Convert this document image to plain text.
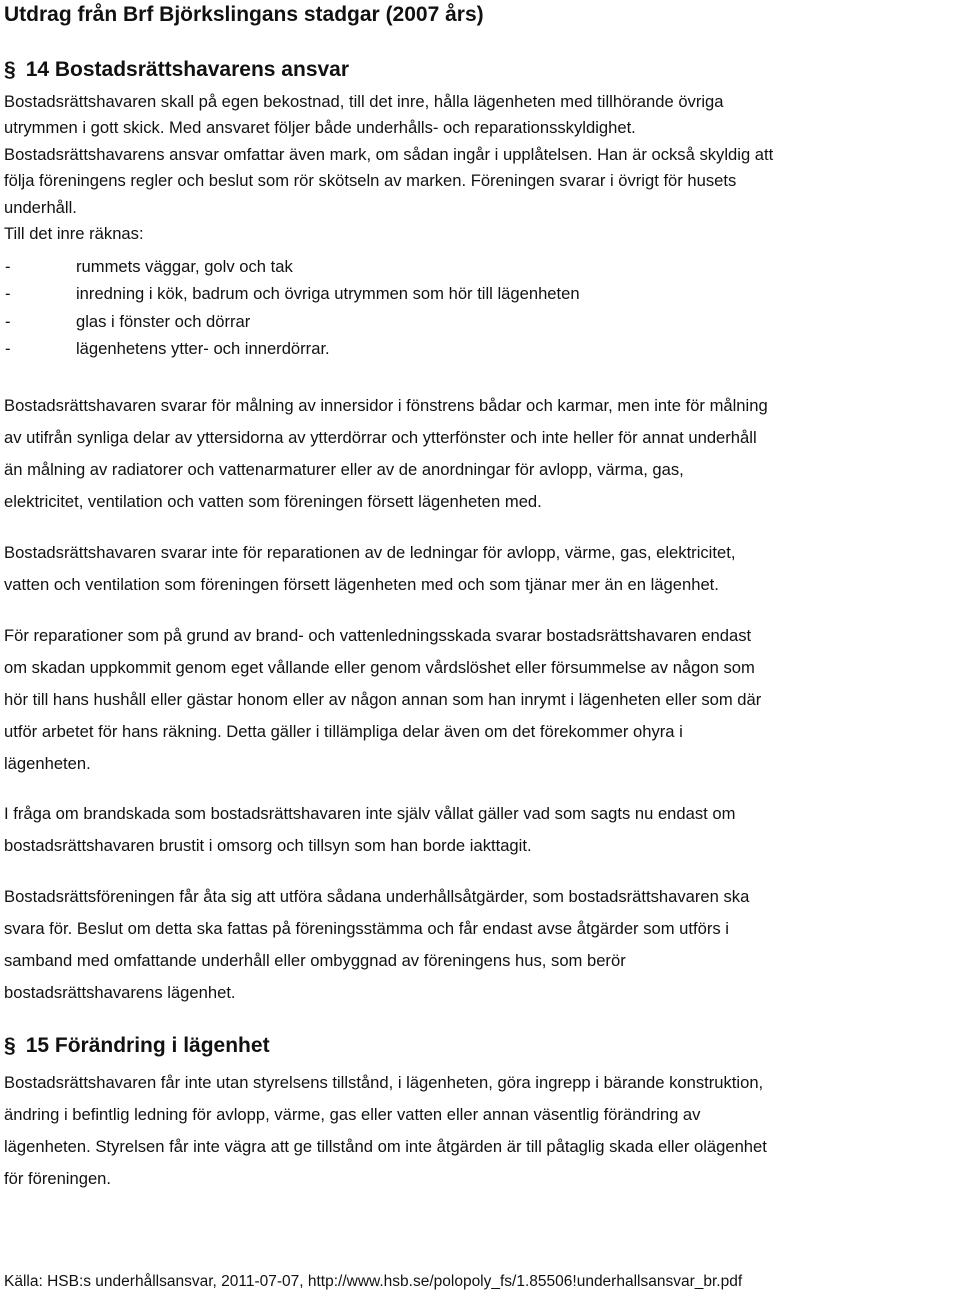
Utdrag från Brf Björkslingans stadgar (2007 års)
§ 14 Bostadsrättshavarens ansvar
Bostadsrättshavaren skall på egen bekostnad, till det inre, hålla lägenheten med tillhörande övriga
utrymmen i gott skick. Med ansvaret följer både underhålls- och reparationsskyldighet.
Bostadsrättshavarens ansvar omfattar även mark, om sådan ingår i upplåtelsen. Han är också skyldig att
följa föreningens regler och beslut som rör skötseln av marken. Föreningen svarar i övrigt för husets
underhåll.
Till det inre räknas:
-	rummets väggar, golv och tak
-	inredning i kök, badrum och övriga utrymmen som hör till lägenheten
-	glas i fönster och dörrar
-	lägenhetens ytter- och innerdörrar.

Bostadsrättshavaren svarar för målning av innersidor i fönstrens bådar och karmar, men inte för målning

av utifrån synliga delar av yttersidorna av ytterdörrar och ytterfönster och inte heller för annat underhåll

än målning av radiatorer och vattenarmaturer eller av de anordningar för avlopp, värma, gas,

elektricitet, ventilation och vatten som föreningen försett lägenheten med.

Bostadsrättshavaren svarar inte för reparationen av de ledningar för avlopp, värme, gas, elektricitet,

vatten och ventilation som föreningen försett lägenheten med och som tjänar mer än en lägenhet.

För reparationer som på grund av brand- och vattenledningsskada svarar bostadsrättshavaren endast

om skadan uppkommit genom eget vållande eller genom vårdslöshet eller försummelse av någon som

hör till hans hushåll eller gästar honom eller av någon annan som han inrymt i lägenheten eller som där

utför arbetet för hans räkning. Detta gäller i tillämpliga delar även om det förekommer ohyra i

lägenheten.

I fråga om brandskada som bostadsrättshavaren inte själv vållat gäller vad som sagts nu endast om

bostadsrättshavaren brustit i omsorg och tillsyn som han borde iakttagit.

Bostadsrättsföreningen får åta sig att utföra sådana underhållsåtgärder, som bostadsrättshavaren ska

svara för. Beslut om detta ska fattas på föreningsstämma och får endast avse åtgärder som utförs i

samband med omfattande underhåll eller ombyggnad av föreningens hus, som berör

bostadsrättshavarens lägenhet.

§ 15 Förändring i lägenhet

Bostadsrättshavaren får inte utan styrelsens tillstånd, i lägenheten, göra ingrepp i bärande konstruktion,

ändring i befintlig ledning för avlopp, värme, gas eller vatten eller annan väsentlig förändring av

lägenheten. Styrelsen får inte vägra att ge tillstånd om inte åtgärden är till påtaglig skada eller olägenhet

för föreningen.

Källa: HSB:s underhållsansvar, 2011-07-07, http://www.hsb.se/polopoly_fs/1.85506!underhallsansvar_br.pdf
